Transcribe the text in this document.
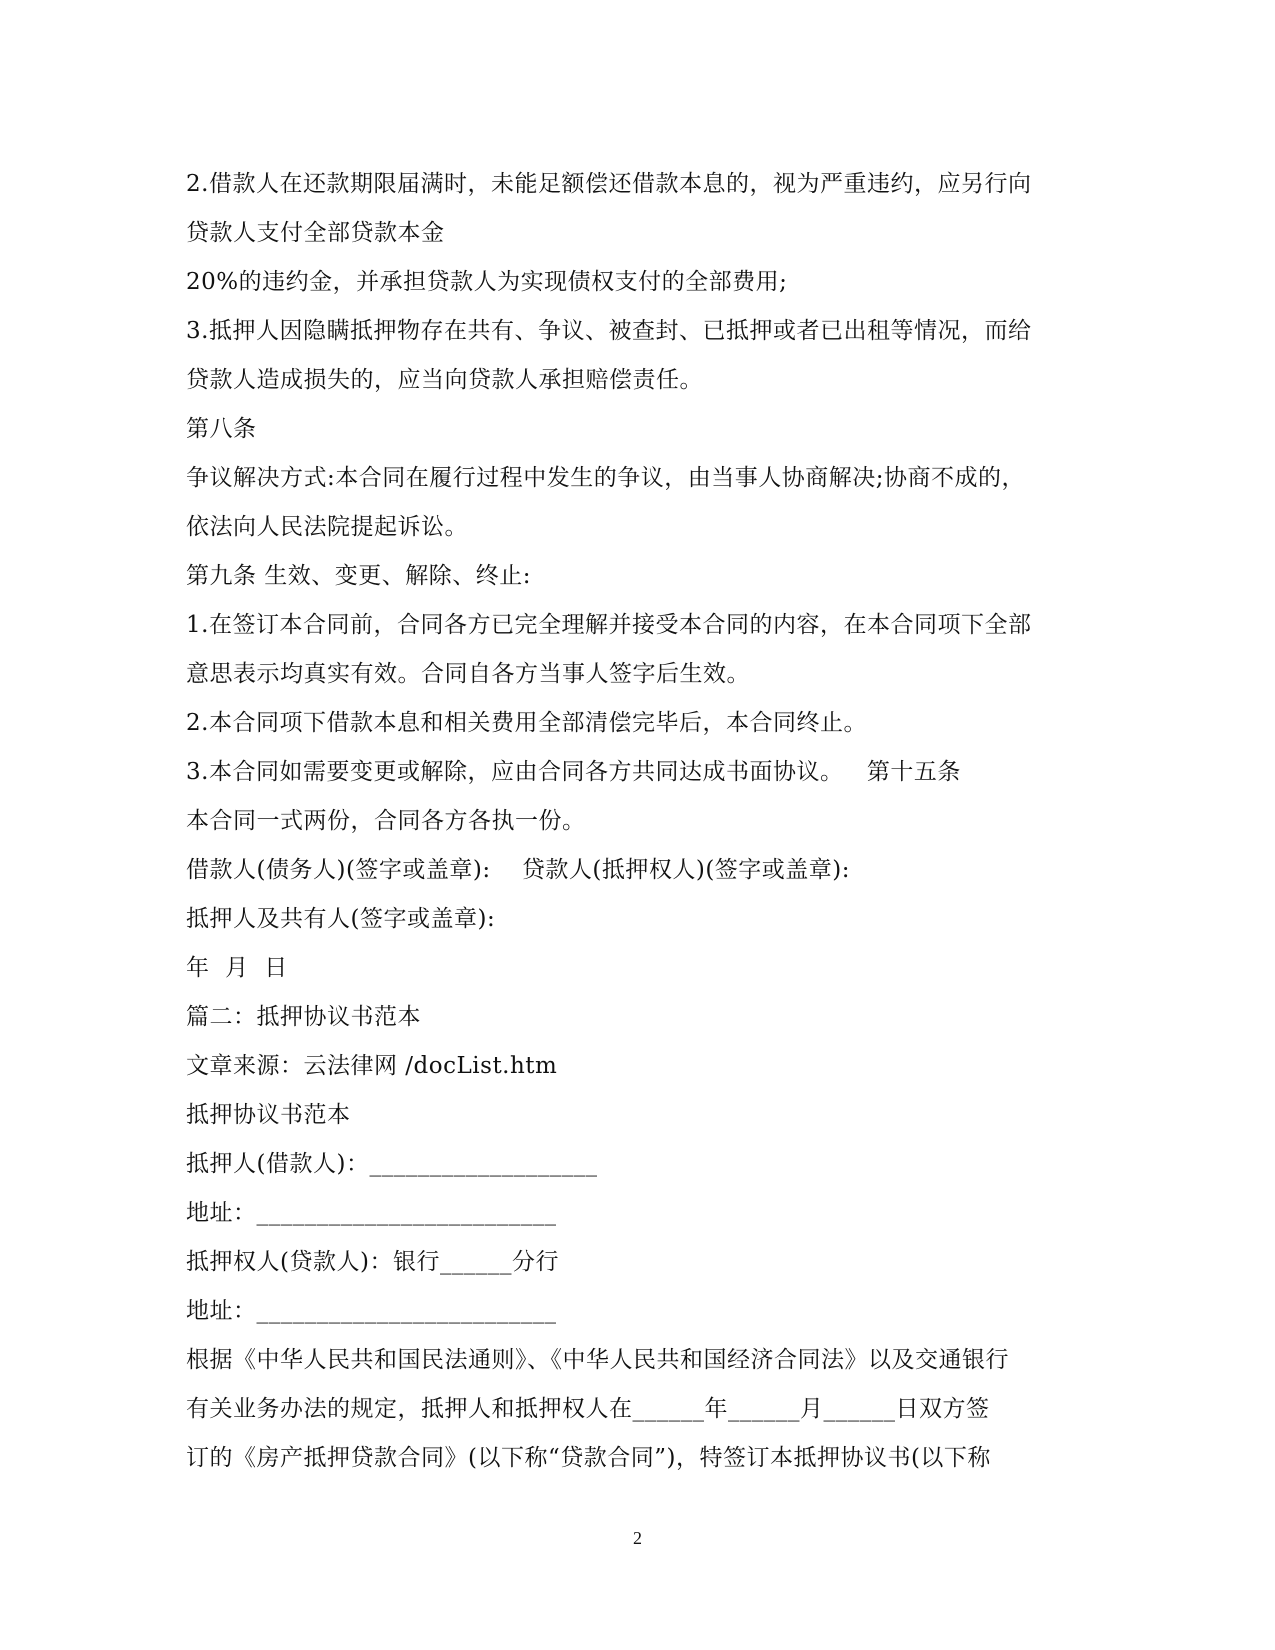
2.借款人在还款期限届满时，未能足额偿还借款本息的，视为严重违约，应另行向
贷款人支付全部贷款本金
20%的违约金，并承担贷款人为实现债权支付的全部费用;
3.抵押人因隐瞒抵押物存在共有、争议、被查封、已抵押或者已出租等情况，而给
贷款人造成损失的，应当向贷款人承担赔偿责任。
第八条
争议解决方式:本合同在履行过程中发生的争议，由当事人协商解决;协商不成的，
依法向人民法院提起诉讼。
第九条 生效、变更、解除、终止:
1.在签订本合同前，合同各方已完全理解并接受本合同的内容，在本合同项下全部
意思表示均真实有效。合同自各方当事人签字后生效。
2.本合同项下借款本息和相关费用全部清偿完毕后，本合同终止。
3.本合同如需要变更或解除，应由合同各方共同达成书面协议。   第十五条
本合同一式两份，合同各方各执一份。
借款人(债务人)(签字或盖章):    贷款人(抵押权人)(签字或盖章):
抵押人及共有人(签字或盖章):
年  月  日
篇二：抵押协议书范本
文章来源：云法律网 /docList.htm
抵押协议书范本
抵押人(借款人)：___________________
地址：_________________________
抵押权人(贷款人)：银行______分行
地址：_________________________
根据《中华人民共和国民法通则》、《中华人民共和国经济合同法》以及交通银行
有关业务办法的规定，抵押人和抵押权人在______年______月______日双方签
订的《房产抵押贷款合同》(以下称“贷款合同”)，特签订本抵押协议书(以下称
2
